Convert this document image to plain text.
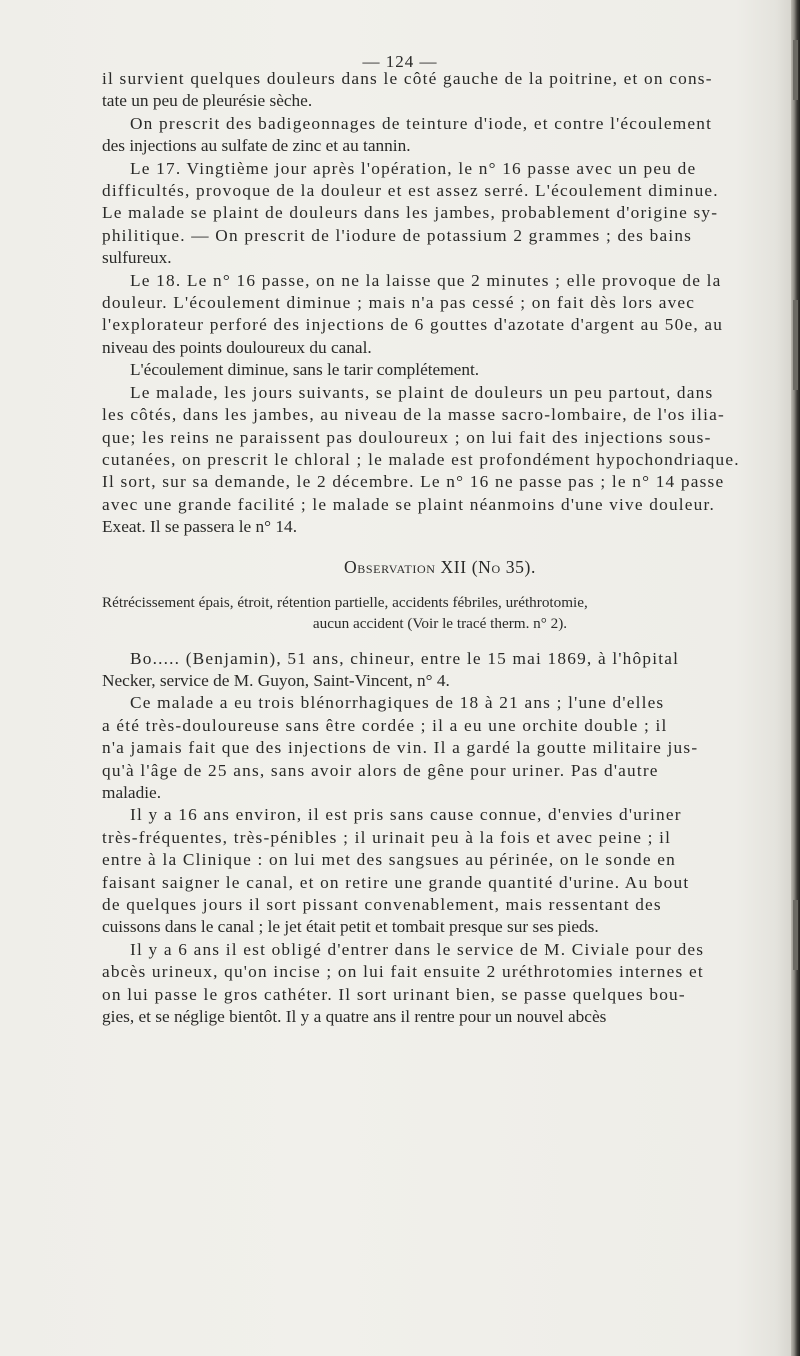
— 124 —

il survient quelques douleurs dans le côté gauche de la poitrine, et on cons-
tate un peu de pleurésie sèche.

On prescrit des badigeonnages de teinture d'iode, et contre l'écoulement
des injections au sulfate de zinc et au tannin.

Le 17. Vingtième jour après l'opération, le n° 16 passe avec un peu de
difficultés, provoque de la douleur et est assez serré. L'écoulement diminue.
Le malade se plaint de douleurs dans les jambes, probablement d'origine sy-
philitique. — On prescrit de l'iodure de potassium 2 grammes ; des bains
sulfureux.

Le 18. Le n° 16 passe, on ne la laisse que 2 minutes ; elle provoque de la
douleur. L'écoulement diminue ; mais n'a pas cessé ; on fait dès lors avec
l'explorateur perforé des injections de 6 gouttes d'azotate d'argent au 50e, au
niveau des points douloureux du canal.

L'écoulement diminue, sans le tarir complétement.

Le malade, les jours suivants, se plaint de douleurs un peu partout, dans
les côtés, dans les jambes, au niveau de la masse sacro-lombaire, de l'os ilia-
que; les reins ne paraissent pas douloureux ; on lui fait des injections sous-
cutanées, on prescrit le chloral ; le malade est profondément hypochondriaque.
Il sort, sur sa demande, le 2 décembre. Le n° 16 ne passe pas ; le n° 14 passe
avec une grande facilité ; le malade se plaint néanmoins d'une vive douleur.
Exeat. Il se passera le n° 14.

Observation XII (No 35).
Rétrécissement épais, étroit, rétention partielle, accidents fébriles, uréthrotomie,
aucun accident (Voir le tracé therm. n° 2).

Bo..... (Benjamin), 51 ans, chineur, entre le 15 mai 1869, à l'hôpital
Necker, service de M. Guyon, Saint-Vincent, n° 4.

Ce malade a eu trois blénorrhagiques de 18 à 21 ans ; l'une d'elles
a été très-douloureuse sans être cordée ; il a eu une orchite double ; il
n'a jamais fait que des injections de vin. Il a gardé la goutte militaire jus-
qu'à l'âge de 25 ans, sans avoir alors de gêne pour uriner. Pas d'autre
maladie.

Il y a 16 ans environ, il est pris sans cause connue, d'envies d'uriner
très-fréquentes, très-pénibles ; il urinait peu à la fois et avec peine ; il
entre à la Clinique : on lui met des sangsues au périnée, on le sonde en
faisant saigner le canal, et on retire une grande quantité d'urine. Au bout
de quelques jours il sort pissant convenablement, mais ressentant des
cuissons dans le canal ; le jet était petit et tombait presque sur ses pieds.

Il y a 6 ans il est obligé d'entrer dans le service de M. Civiale pour des
abcès urineux, qu'on incise ; on lui fait ensuite 2 uréthrotomies internes et
on lui passe le gros cathéter. Il sort urinant bien, se passe quelques bou-
gies, et se néglige bientôt. Il y a quatre ans il rentre pour un nouvel abcès
